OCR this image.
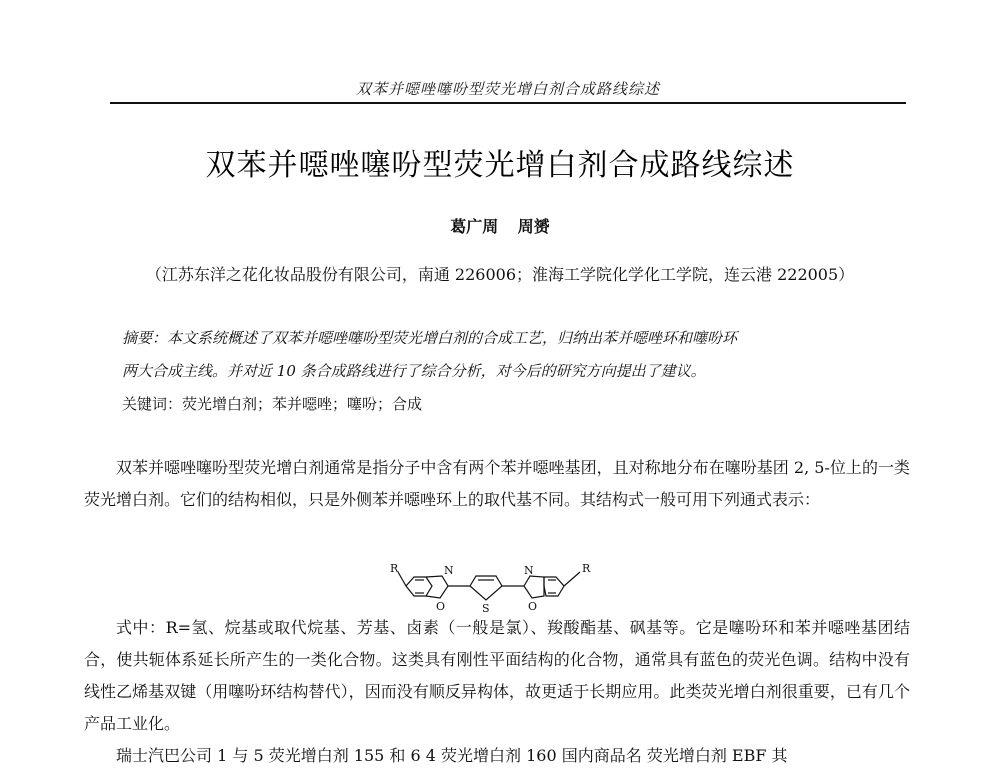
双苯并噁唑噻吩型荧光增白剂合成路线综述
双苯并噁唑噻吩型荧光增白剂合成路线综述
葛广周 周赟
（江苏东洋之花化妆品股份有限公司，南通 226006；淮海工学院化学化工学院，连云港 222005）
摘要：本文系统概述了双苯并噁唑噻吩型荧光增白剂的合成工艺，归纳出苯并噁唑环和噻吩环
两大合成主线。并对近 10 条合成路线进行了综合分析，对今后的研究方向提出了建议。
关键词：荧光增白剂；苯并噁唑；噻吩；合成

双苯并噁唑噻吩型荧光增白剂通常是指分子中含有两个苯并噁唑基团，且对称地分布在噻吩基团 2, 5-位上的一类荧光增白剂。它们的结构相似，只是外侧苯并噁唑环上的取代基不同。其结构式一般可用下列通式表示：

R	N
O	S
N
O
R

式中：R=氢、烷基或取代烷基、芳基、卤素（一般是氯）、羧酸酯基、砜基等。它是噻吩环和苯并噁唑基团结合，使共轭体系延长所产生的一类化合物。这类具有刚性平面结构的化合物，通常具有蓝色的荧光色调。结构中没有线性乙烯基双键（用噻吩环结构替代），因而没有顺反异构体，故更适于长期应用。此类荧光增白剂很重要，已有几个产品工业化。

瑞士汽巴公司 1 与 5 荧光增白剂 155 和 6 4 荧光增白剂 160 国内商品名 荧光增白剂 EBF 其
